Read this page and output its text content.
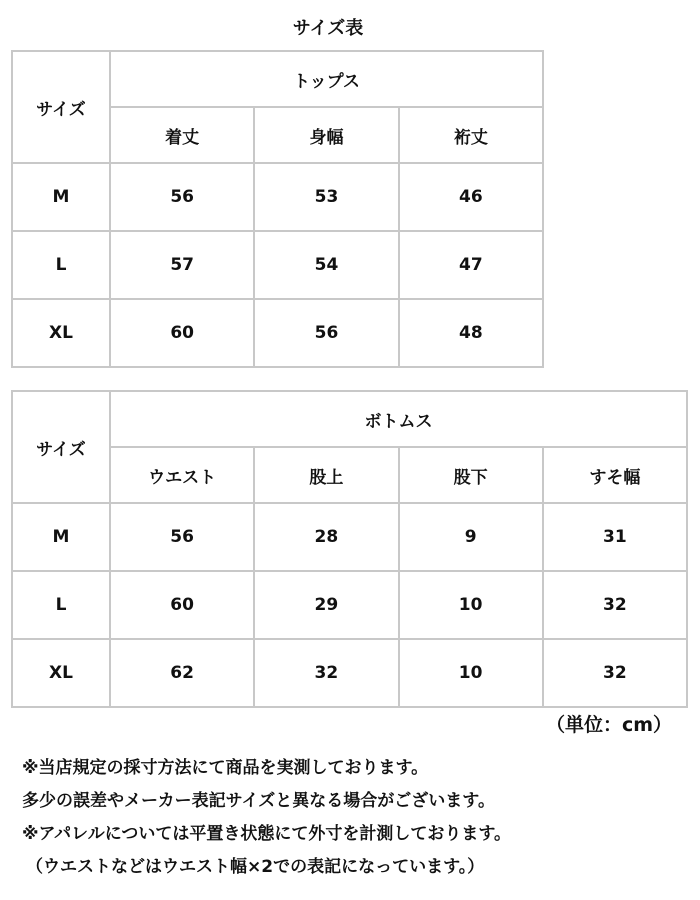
サイズ表
サイズ	トップス		
	着丈	身幅	裄丈
M	56	53	46
L	57	54	47
XL	60	56	48
サイズ	ボトムス			
	ウエスト	股上	股下	すそ幅
M	56	28	9	31
L	60	29	10	32
XL	62	32	10	32
（単位：cm）
※当店規定の採寸方法にて商品を実測しております。
多少の誤差やメーカー表記サイズと異なる場合がございます。
※アパレルについては平置き状態にて外寸を計測しております。
（ウエストなどはウエスト幅×2での表記になっています。）
